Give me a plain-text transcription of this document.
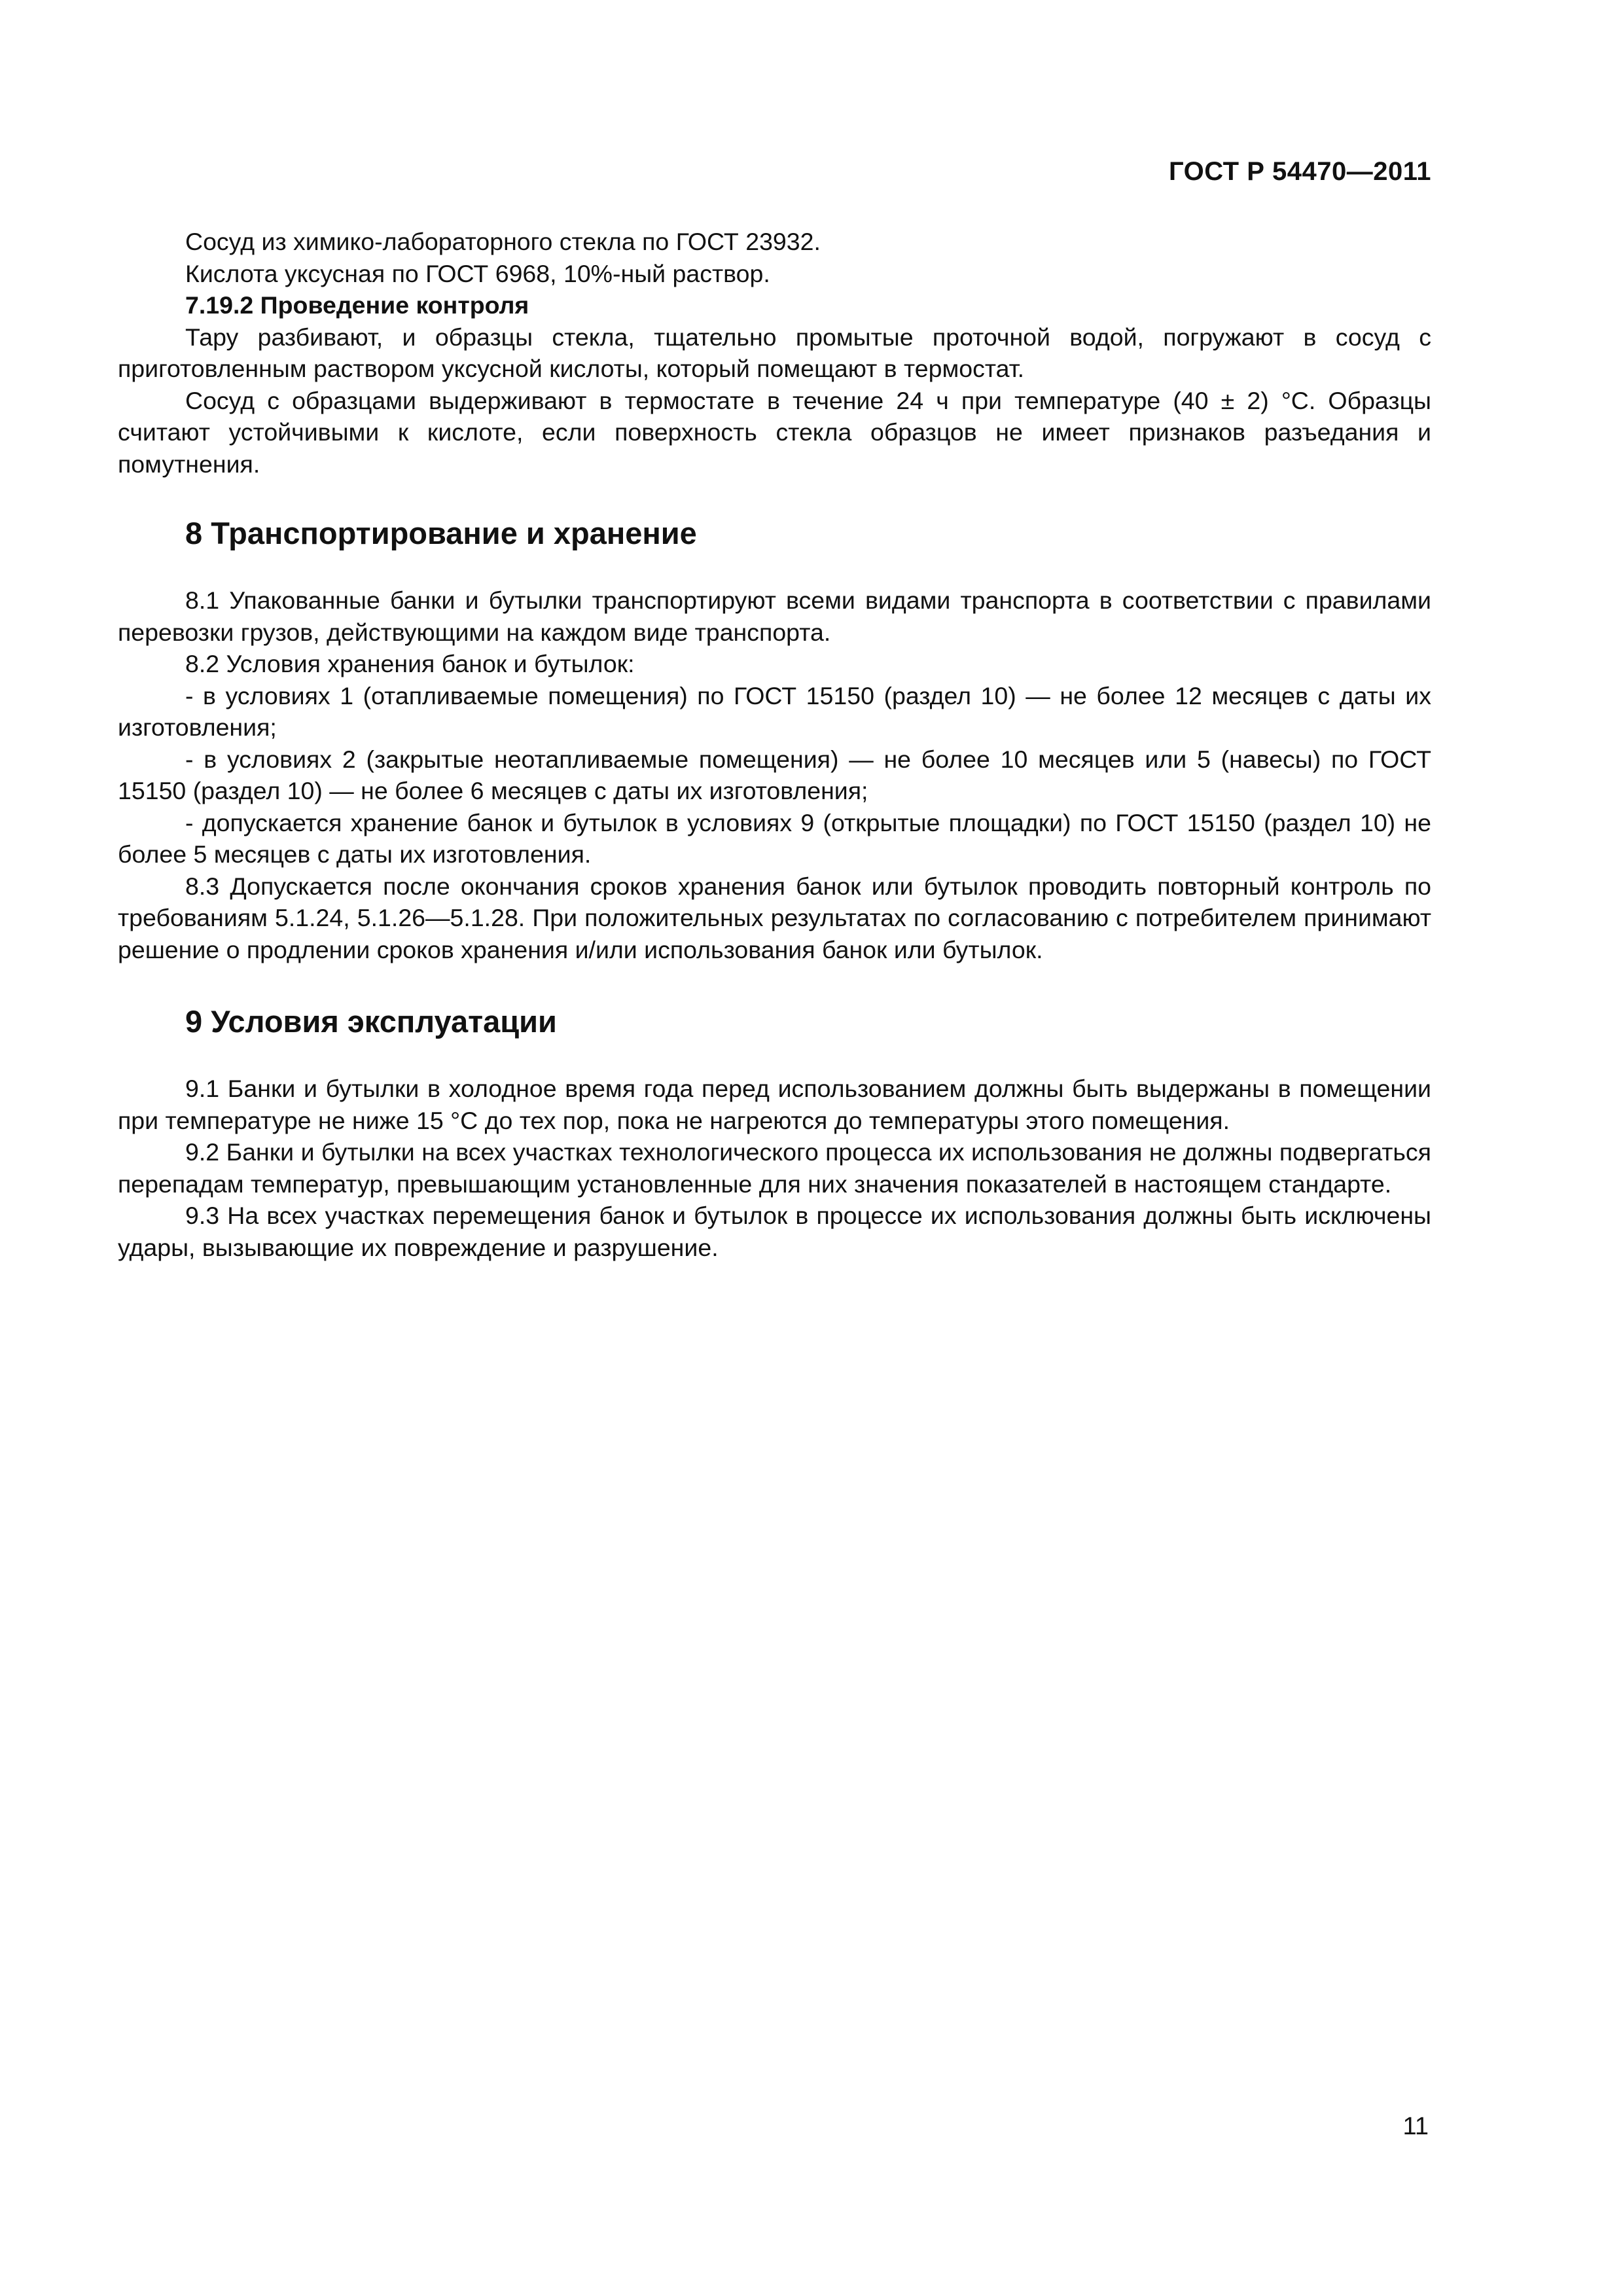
ГОСТ Р 54470—2011

Сосуд из химико-лабораторного стекла по ГОСТ 23932.

Кислота уксусная по ГОСТ 6968, 10%-ный раствор.

7.19.2 Проведение контроля

Тару разбивают, и образцы стекла, тщательно промытые проточной водой, погружают в сосуд с приготовленным раствором уксусной кислоты, который помещают в термостат.

Сосуд с образцами выдерживают в термостате в течение 24 ч при температуре (40 ± 2) °С. Образцы считают устойчивыми к кислоте, если поверхность стекла образцов не имеет признаков разъедания и помутнения.

8 Транспортирование и хранение

8.1 Упакованные банки и бутылки транспортируют всеми видами транспорта в соответствии с правилами перевозки грузов, действующими на каждом виде транспорта.

8.2 Условия хранения банок и бутылок:

- в условиях 1 (отапливаемые помещения) по ГОСТ 15150 (раздел 10) — не более 12 месяцев с даты их изготовления;

- в условиях 2 (закрытые неотапливаемые помещения) — не более 10 месяцев или 5 (навесы) по ГОСТ 15150 (раздел 10) — не более 6 месяцев с даты их изготовления;

- допускается хранение банок и бутылок в условиях 9 (открытые площадки) по ГОСТ 15150 (раздел 10) не более 5 месяцев с даты их изготовления.

8.3 Допускается после окончания сроков хранения банок или бутылок проводить повторный контроль по требованиям 5.1.24, 5.1.26—5.1.28. При положительных результатах по согласованию с потребителем принимают решение о продлении сроков хранения и/или использования банок или бутылок.

9 Условия эксплуатации

9.1 Банки и бутылки в холодное время года перед использованием должны быть выдержаны в помещении при температуре не ниже 15 °С до тех пор, пока не нагреются до температуры этого помещения.

9.2 Банки и бутылки на всех участках технологического процесса их использования не должны подвергаться перепадам температур, превышающим установленные для них значения показателей в настоящем стандарте.

9.3 На всех участках перемещения банок и бутылок в процессе их использования должны быть исключены удары, вызывающие их повреждение и разрушение.

11
